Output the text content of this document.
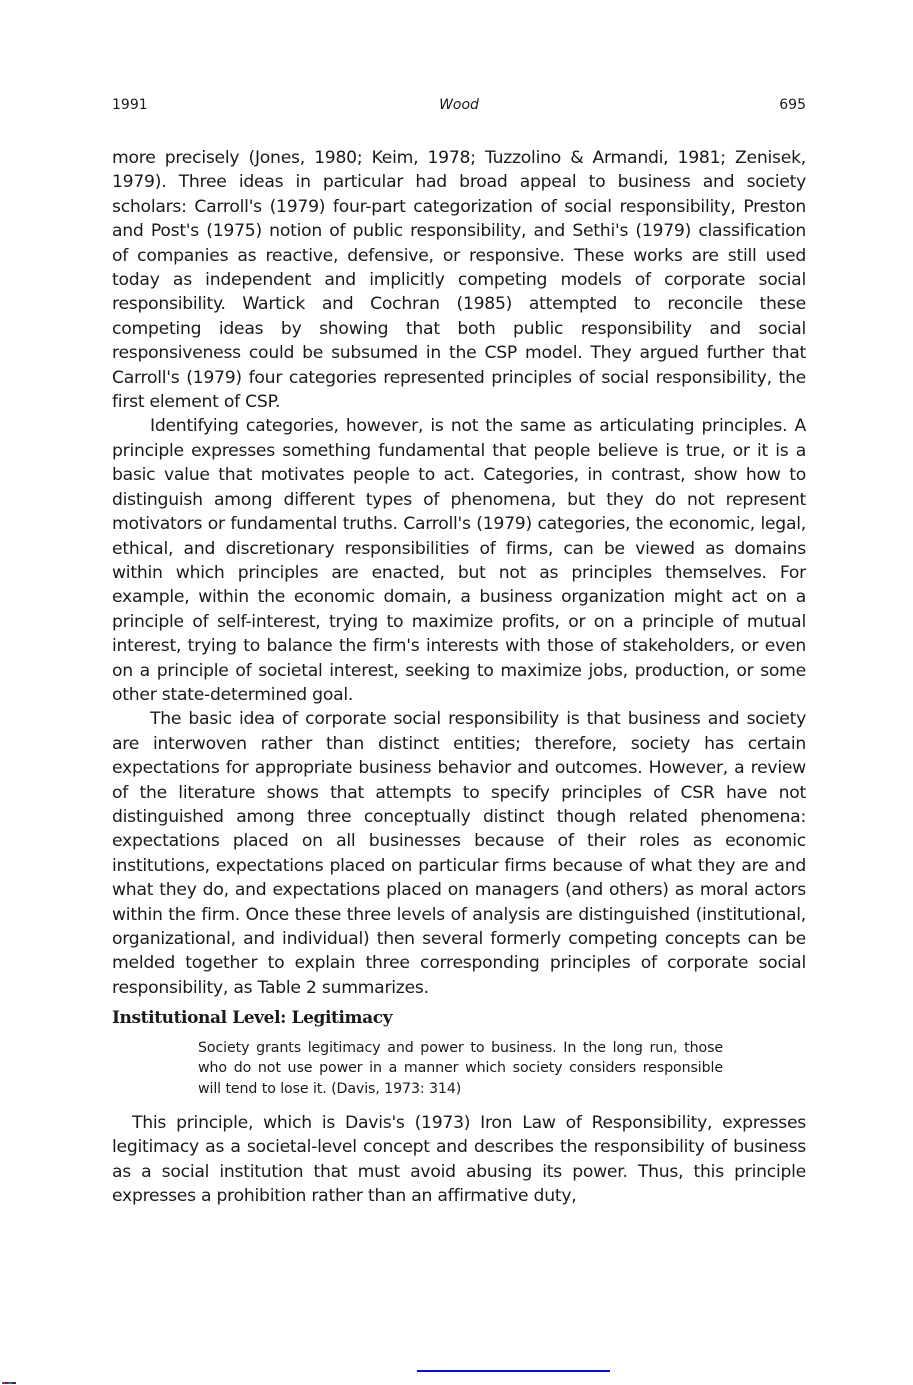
1991	Wood	695

more precisely (Jones, 1980; Keim, 1978; Tuzzolino & Armandi, 1981; Zenisek, 1979). Three ideas in particular had broad appeal to business and society scholars: Carroll's (1979) four-part categorization of social responsibility, Preston and Post's (1975) notion of public responsibility, and Sethi's (1979) classification of companies as reactive, defensive, or responsive. These works are still used today as independent and implicitly competing models of corporate social responsibility. Wartick and Cochran (1985) attempted to reconcile these competing ideas by showing that both public responsibility and social responsiveness could be subsumed in the CSP model. They argued further that Carroll's (1979) four categories represented principles of social responsibility, the first element of CSP.

Identifying categories, however, is not the same as articulating principles. A principle expresses something fundamental that people believe is true, or it is a basic value that motivates people to act. Categories, in contrast, show how to distinguish among different types of phenomena, but they do not represent motivators or fundamental truths. Carroll's (1979) categories, the economic, legal, ethical, and discretionary responsibilities of firms, can be viewed as domains within which principles are enacted, but not as principles themselves. For example, within the economic domain, a business organization might act on a principle of self-interest, trying to maximize profits, or on a principle of mutual interest, trying to balance the firm's interests with those of stakeholders, or even on a principle of societal interest, seeking to maximize jobs, production, or some other state-determined goal.

The basic idea of corporate social responsibility is that business and society are interwoven rather than distinct entities; therefore, society has certain expectations for appropriate business behavior and outcomes. However, a review of the literature shows that attempts to specify principles of CSR have not distinguished among three conceptually distinct though related phenomena: expectations placed on all businesses because of their roles as economic institutions, expectations placed on particular firms because of what they are and what they do, and expectations placed on managers (and others) as moral actors within the firm. Once these three levels of analysis are distinguished (institutional, organizational, and individual) then several formerly competing concepts can be melded together to explain three corresponding principles of corporate social responsibility, as Table 2 summarizes.

Institutional Level: Legitimacy
Society grants legitimacy and power to business. In the long run, those who do not use power in a manner which society considers responsible will tend to lose it. (Davis, 1973: 314)

This principle, which is Davis's (1973) Iron Law of Responsibility, expresses legitimacy as a societal-level concept and describes the responsibility of business as a social institution that must avoid abusing its power. Thus, this principle expresses a prohibition rather than an affirmative duty,
